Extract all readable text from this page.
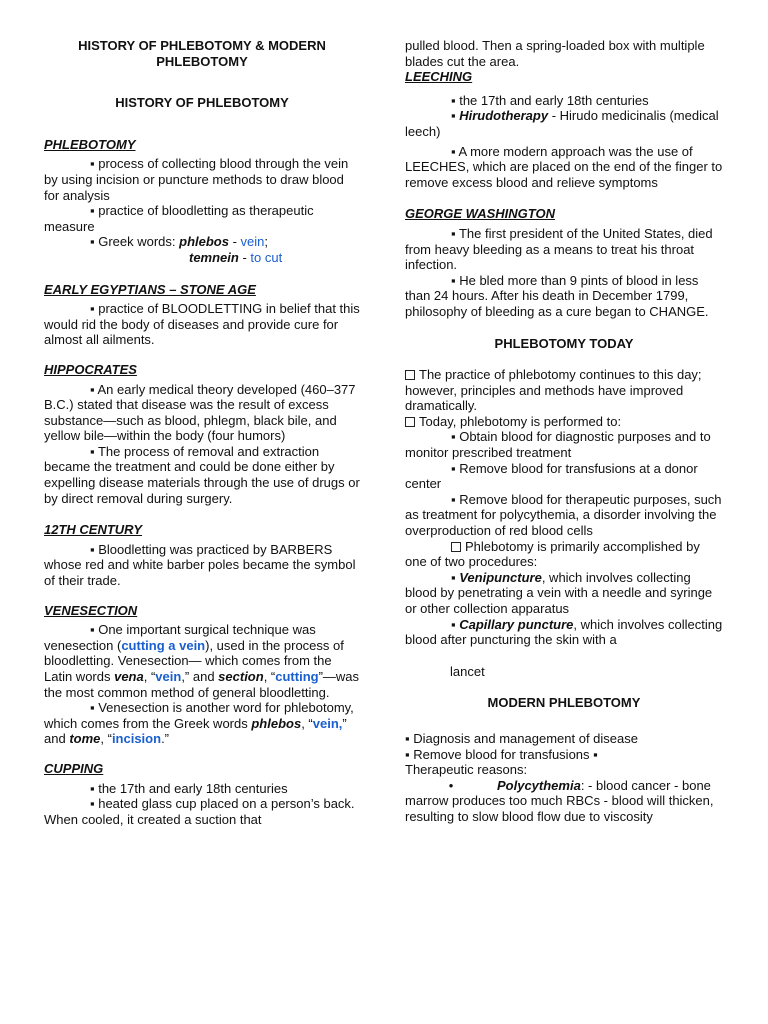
HISTORY OF PHLEBOTOMY & MODERN PHLEBOTOMY

HISTORY OF PHLEBOTOMY

PHLEBOTOMY

▪ process of collecting blood through the vein by using incision or puncture methods to draw blood for analysis

▪ practice of bloodletting as therapeutic measure

▪ Greek words: phlebos - vein;

temnein - to cut

EARLY EGYPTIANS – STONE AGE

▪ practice of BLOODLETTING in belief that this would rid the body of diseases and provide cure for almost all ailments.

HIPPOCRATES

▪ An early medical theory developed (460–377 B.C.) stated that disease was the result of excess substance—such as blood, phlegm, black bile, and yellow bile—within the body (four humors)

▪ The process of removal and extraction became the treatment and could be done either by expelling disease materials through the use of drugs or by direct removal during surgery.

12TH CENTURY

▪ Bloodletting was practiced by BARBERS whose red and white barber poles became the symbol of their trade.

VENESECTION

▪ One important surgical technique was venesection (cutting a vein), used in the process of bloodletting. Venesection— which comes from the Latin words vena, “vein,” and section, “cutting”—was the most common method of general bloodletting.

▪ Venesection is another word for phlebotomy, which comes from the Greek words phlebos, “vein,” and tome, “incision.”

CUPPING

▪ the 17th and early 18th centuries

▪ heated glass cup placed on a person’s back. When cooled, it created a suction that

pulled blood. Then a spring-loaded box with multiple blades cut the area.

LEECHING

▪ the 17th and early 18th centuries

▪ Hirudotherapy - Hirudo medicinalis (medical leech)

▪ A more modern approach was the use of LEECHES, which are placed on the end of the finger to remove excess blood and relieve symptoms

GEORGE WASHINGTON

▪ The first president of the United States, died from heavy bleeding as a means to treat his throat infection.

▪ He bled more than 9 pints of blood in less than 24 hours. After his death in December 1799, philosophy of bleeding as a cure began to CHANGE.

PHLEBOTOMY TODAY

The practice of phlebotomy continues to this day; however, principles and methods have improved dramatically.

Today, phlebotomy is performed to:

▪ Obtain blood for diagnostic purposes and to monitor prescribed treatment

▪ Remove blood for transfusions at a donor center

▪ Remove blood for therapeutic purposes, such as treatment for polycythemia, a disorder involving the overproduction of red blood cells

Phlebotomy is primarily accomplished by one of two procedures:

▪ Venipuncture, which involves collecting blood by penetrating a vein with a needle and syringe or other collection apparatus

▪ Capillary puncture, which involves collecting blood after puncturing the skin with a

lancet

MODERN PHLEBOTOMY

▪ Diagnosis and management of disease

▪ Remove blood for transfusions ▪

Therapeutic reasons:

•	Polycythemia: - blood cancer - bone marrow produces too much RBCs - blood will thicken, resulting to slow blood flow due to viscosity
